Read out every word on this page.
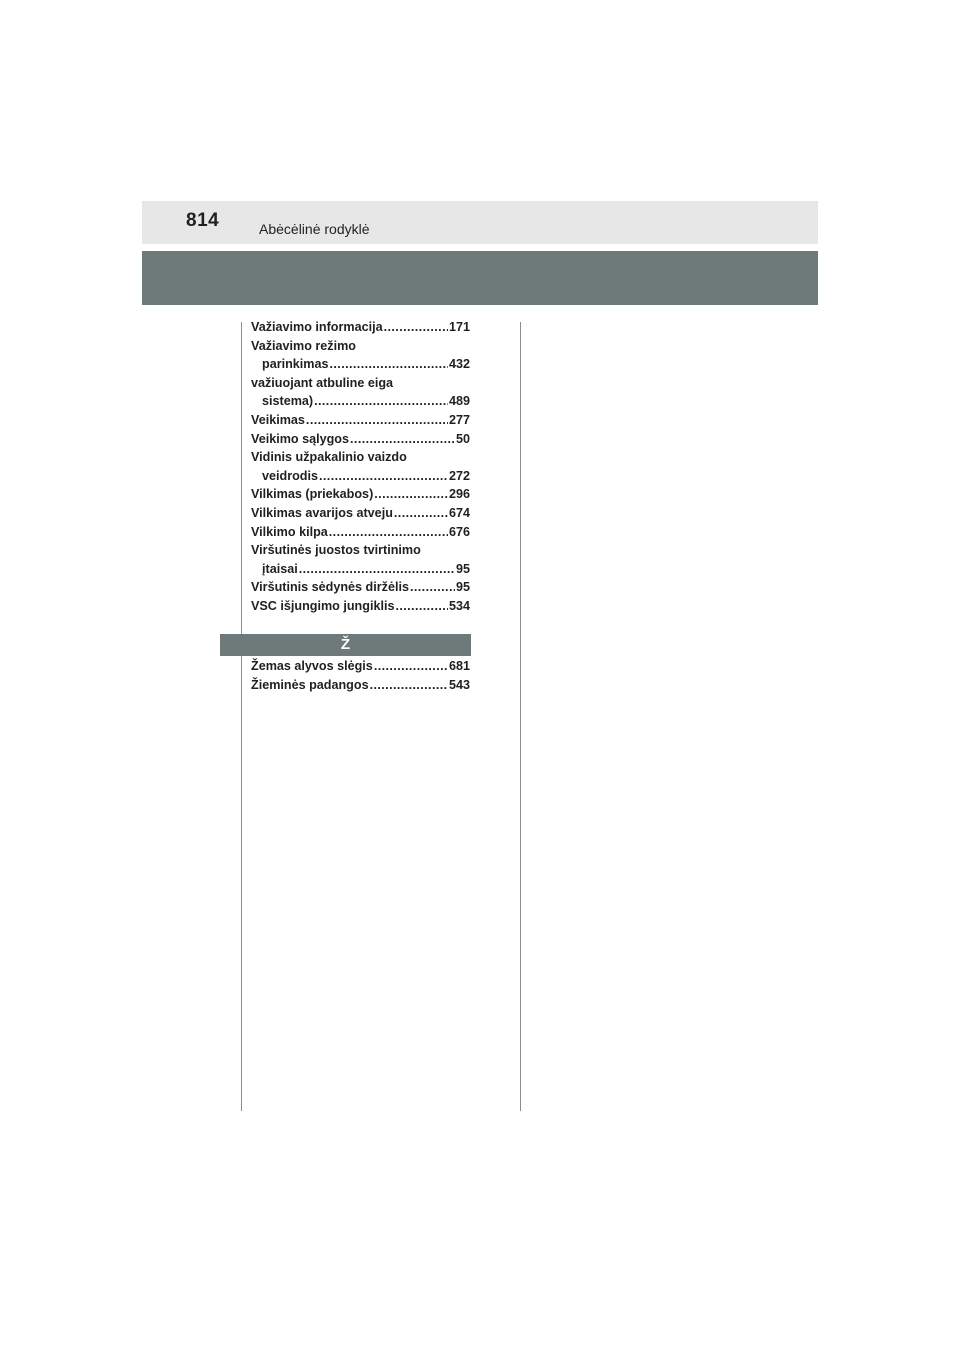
814	Abėcėlinė rodyklė
Važiavimo informacija .....	171
Važiavimo režimo
parinkimas .....	432
važiuojant atbuline eiga
sistema) .....	489
Veikimas .....	277
Veikimo sąlygos .....	50
Vidinis užpakalinio vaizdo
veidrodis .....	272
Vilkimas (priekabos) .....	296
Vilkimas avarijos atveju .....	674
Vilkimo kilpa .....	676
Viršutinės juostos tvirtinimo
įtaisai .....	95
Viršutinis sėdynės diržėlis .....	95
VSC išjungimo jungiklis .....	534
Ž
Žemas alyvos slėgis .....	681
Žieminės padangos .....	543
